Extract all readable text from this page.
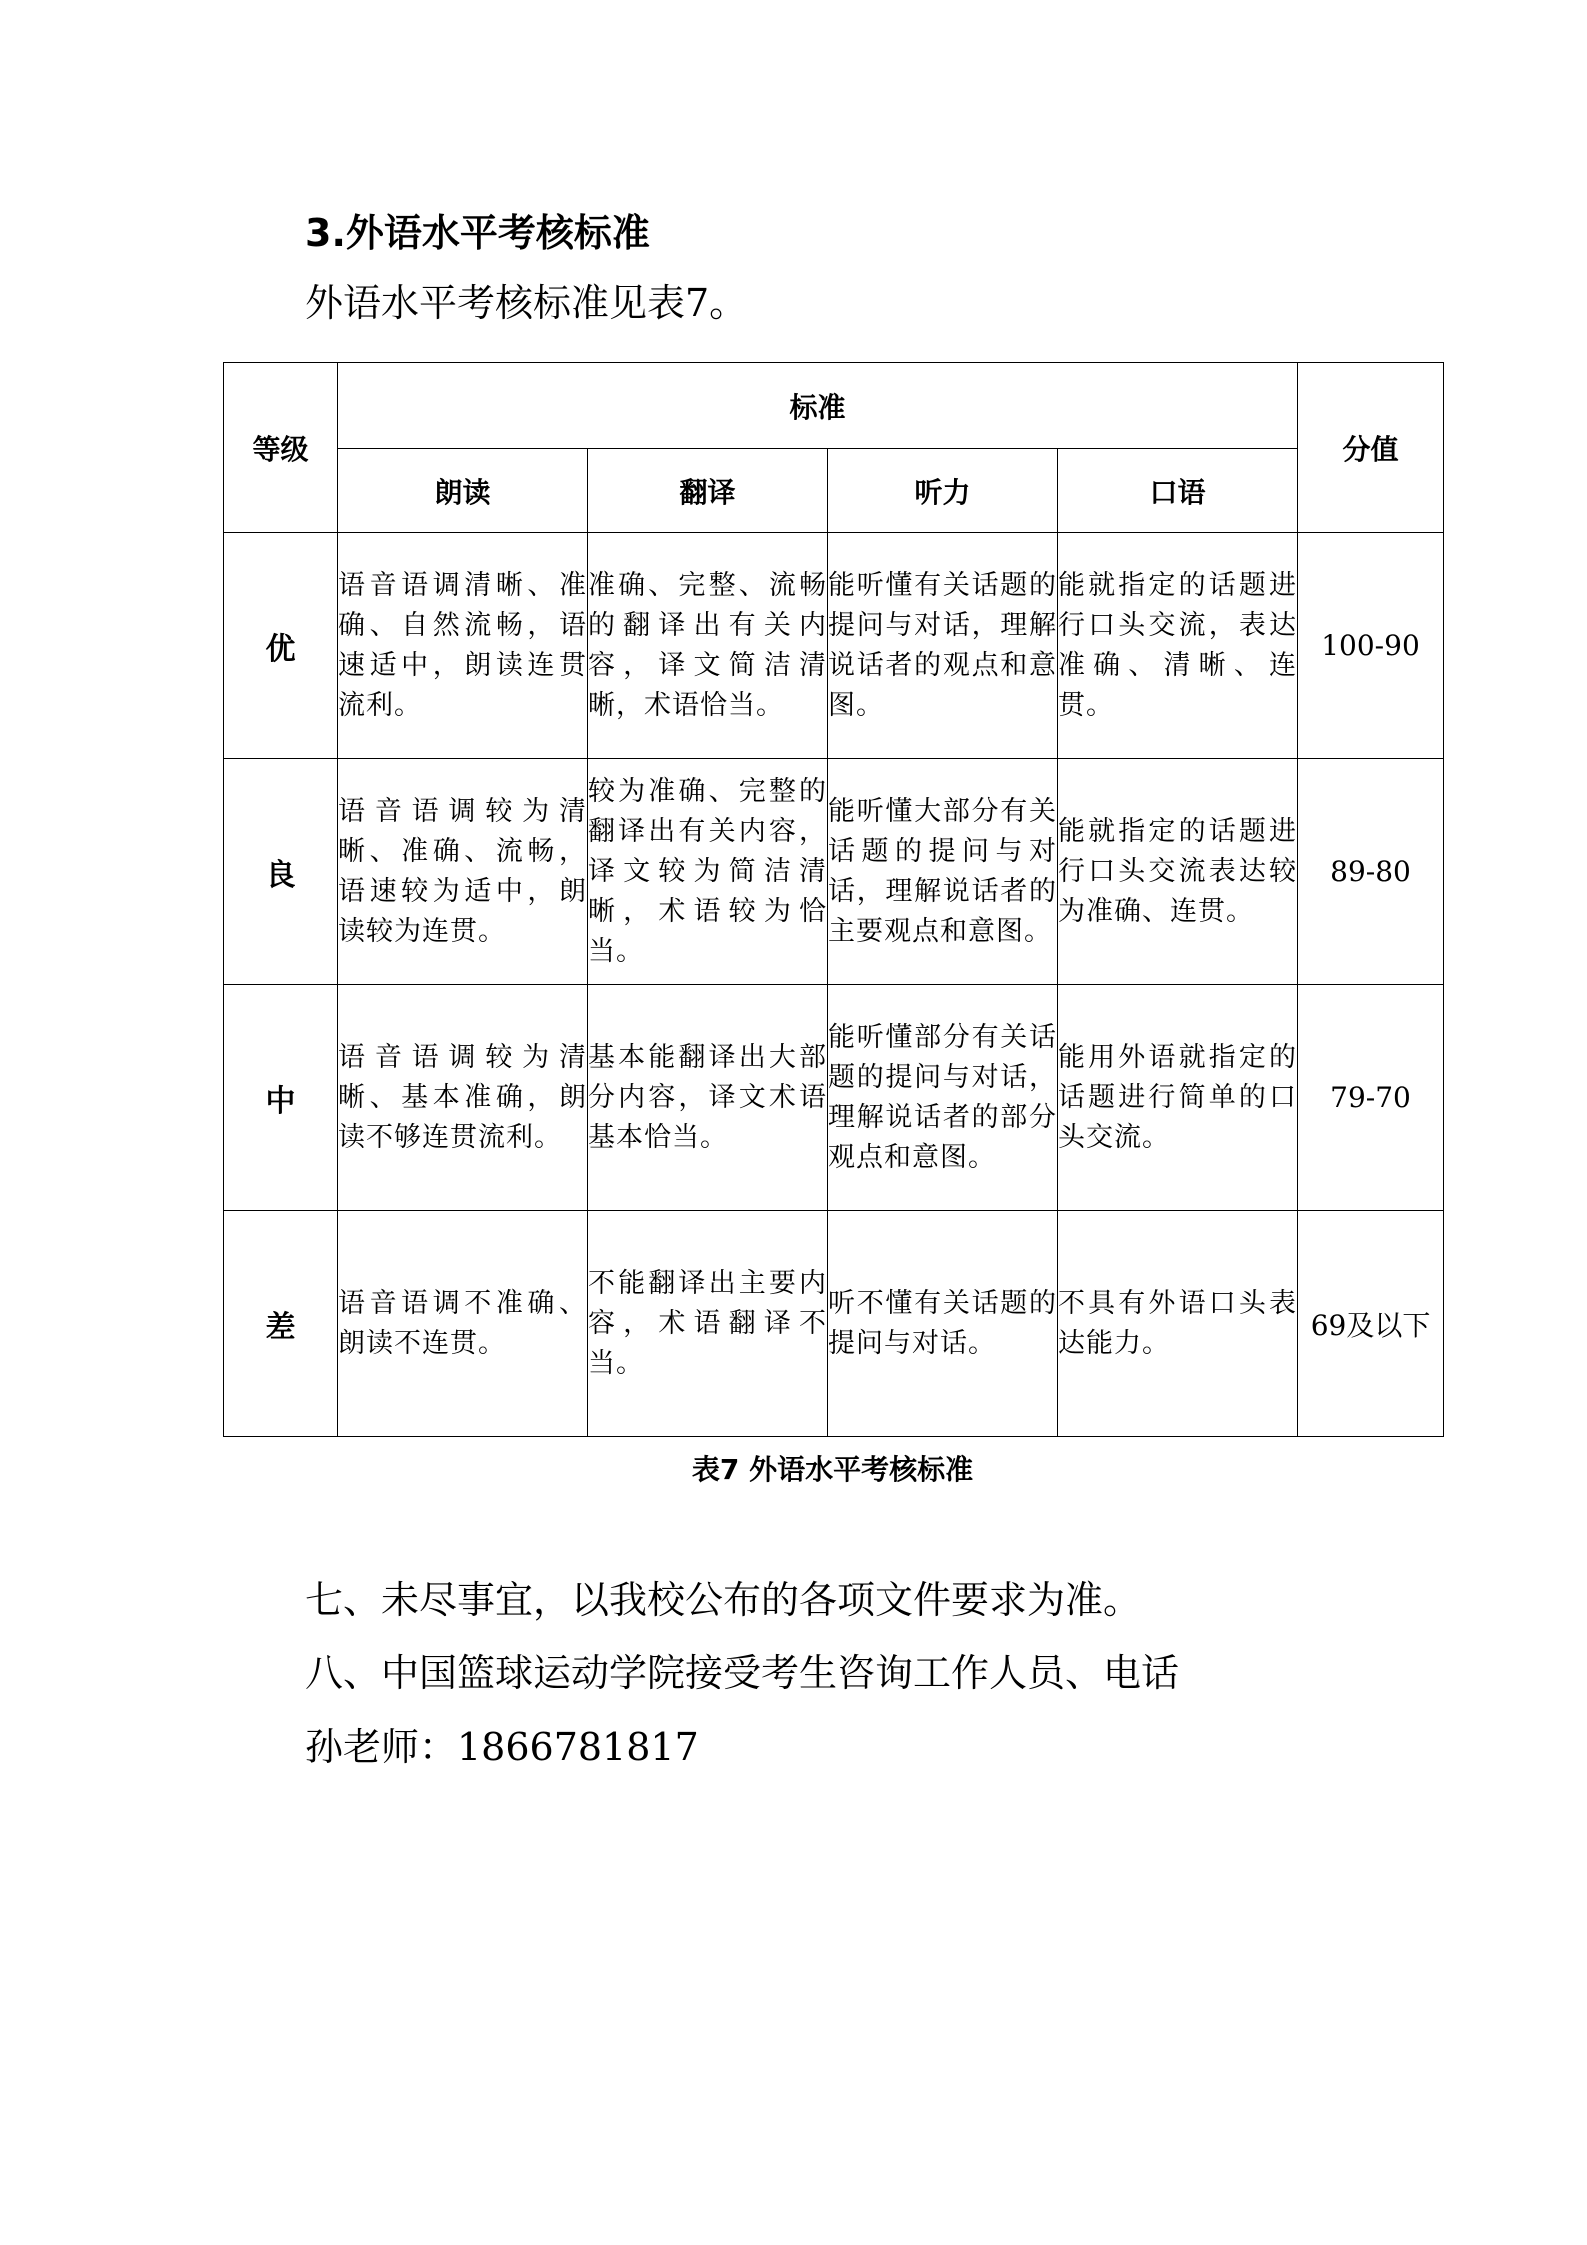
3.外语水平考核标准
外语水平考核标准见表7。
等级	标准				分值
	朗读	翻译	听力	口语	
优	语音语调清晰、准确、自然流畅，语速适中，朗读连贯流利。	准确、完整、流畅的翻译出有关内容，译文简洁清晰，术语恰当。	能听懂有关话题的提问与对话，理解说话者的观点和意图。	能就指定的话题进行口头交流，表达准确、清晰、连贯。	100-90
良	语音语调较为清晰、准确、流畅，语速较为适中，朗读较为连贯。	较为准确、完整的翻译出有关内容，译文较为简洁清晰，术语较为恰当。	能听懂大部分有关话题的提问与对话，理解说话者的主要观点和意图。	能就指定的话题进行口头交流表达较为准确、连贯。	89-80
中	语音语调较为清晰、基本准确，朗读不够连贯流利。	基本能翻译出大部分内容，译文术语基本恰当。	能听懂部分有关话题的提问与对话，理解说话者的部分观点和意图。	能用外语就指定的话题进行简单的口头交流。	79-70
差	语音语调不准确、朗读不连贯。	不能翻译出主要内容，术语翻译不当。	听不懂有关话题的提问与对话。	不具有外语口头表达能力。	69及以下
表7 外语水平考核标准
七、未尽事宜，以我校公布的各项文件要求为准。
八、中国篮球运动学院接受考生咨询工作人员、电话
孙老师：1866781817
